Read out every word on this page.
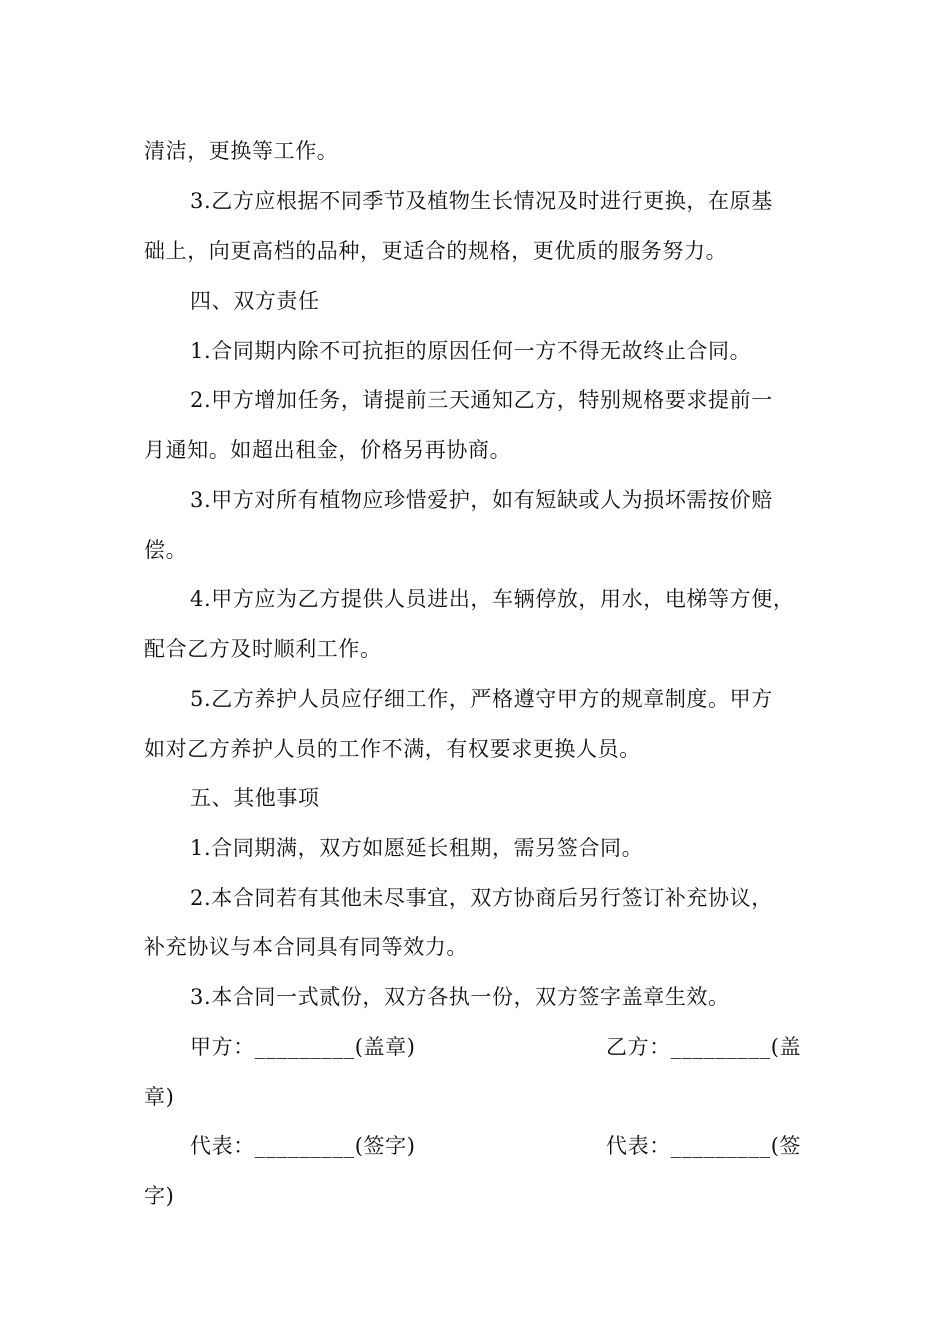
清洁，更换等工作。
3.乙方应根据不同季节及植物生长情况及时进行更换，在原基
础上，向更高档的品种，更适合的规格，更优质的服务努力。
四、双方责任
1.合同期内除不可抗拒的原因任何一方不得无故终止合同。
2.甲方增加任务，请提前三天通知乙方，特别规格要求提前一
月通知。如超出租金，价格另再协商。
3.甲方对所有植物应珍惜爱护，如有短缺或人为损坏需按价赔
偿。
4.甲方应为乙方提供人员进出，车辆停放，用水，电梯等方便，
配合乙方及时顺利工作。
5.乙方养护人员应仔细工作，严格遵守甲方的规章制度。甲方
如对乙方养护人员的工作不满，有权要求更换人员。
五、其他事项
1.合同期满，双方如愿延长租期，需另签合同。
2.本合同若有其他未尽事宜，双方协商后另行签订补充协议，
补充协议与本合同具有同等效力。
3.本合同一式贰份，双方各执一份，双方签字盖章生效。
甲方：_________(盖章)	乙方：_________(盖
章)
代表：_________(签字)	代表：_________(签
字)
